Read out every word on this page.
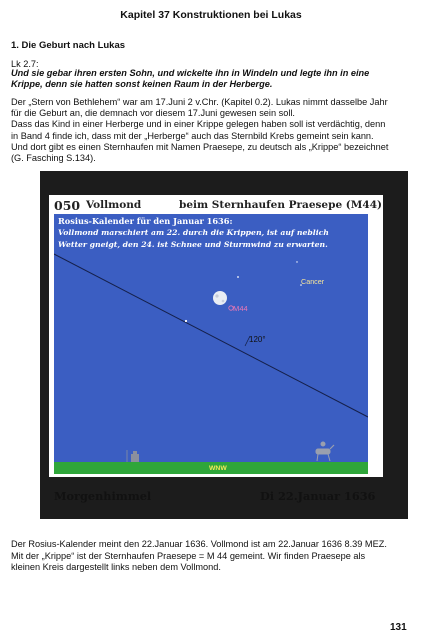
Kapitel 37 Konstruktionen bei Lukas
1. Die Geburt nach Lukas
Lk 2.7:
Und sie gebar ihren ersten Sohn, und wickelte ihn in Windeln und legte ihn in eine
Krippe, denn sie hatten sonst keinen Raum in der Herberge.
Der „Stern von Bethlehem“ war am 17.Juni 2 v.Chr. (Kapitel 0.2). Lukas nimmt dasselbe Jahr
für die Geburt an, die demnach vor diesem 17.Juni gewesen sein soll.
Dass das Kind in einer Herberge und in einer Krippe gelegen haben soll ist verdächtig, denn
in Band 4 finde ich, dass mit der „Herberge“ auch das Sternbild Krebs gemeint sein kann.
Und dort gibt es einen Sternhaufen mit Namen Praesepe, zu deutsch als „Krippe“ bezeichnet
(G. Fasching S.134).
050 Vollmond	beim Sternhaufen Praesepe (M44)
Rosius-Kalender für den Januar 1636:
Vollmond marschiert am 22. durch die Krippen, ist auf neblich
Wetter gneigt, den 24. ist Schnee und Sturmwind zu erwarten.
Cancer
M44
120°
WNW
Morgenhimmel	Di 22.Januar 1636
Der Rosius-Kalender meint den 22.Januar 1636. Vollmond ist am 22.Januar 1636 8.39 MEZ.
Mit der „Krippe“ ist der Sternhaufen Praesepe = M 44 gemeint. Wir finden Praesepe als
kleinen Kreis dargestellt links neben dem Vollmond.
131
